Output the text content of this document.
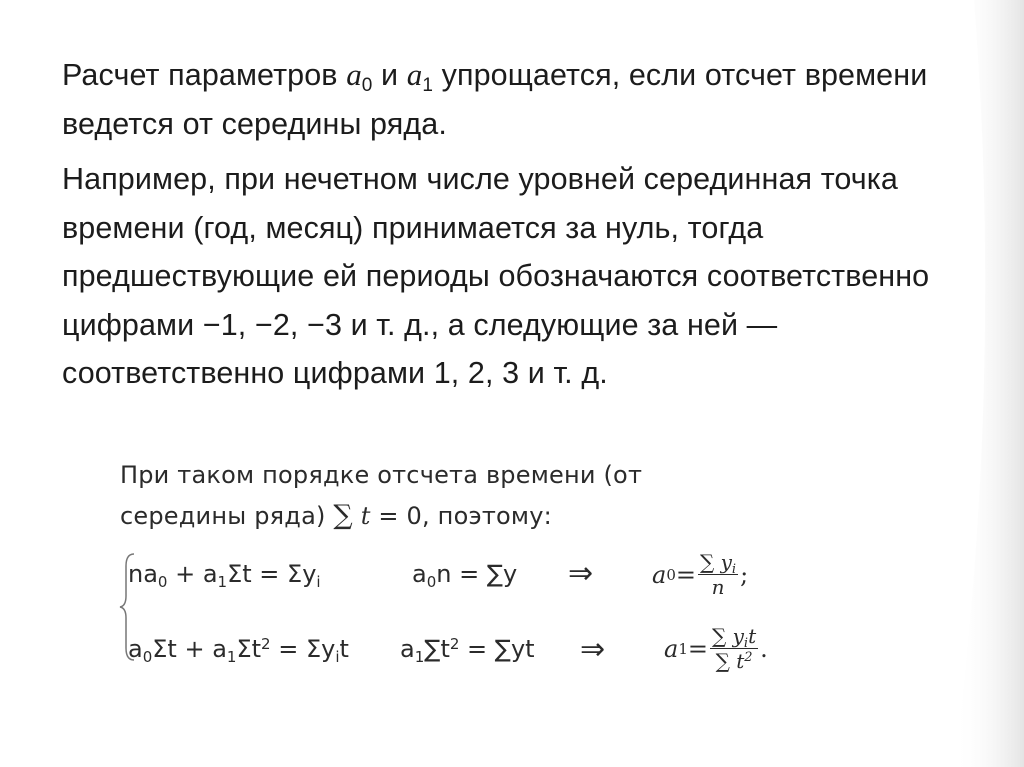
Расчет параметров $a_0$ и $a_1$ упрощается, если отсчет времени ведется от середины ряда.
Например, при нечетном числе уровней серединная точка времени (год, месяц) принимается за нуль, тогда предшествующие ей периоды обозначаются соответственно цифрами −1, −2, −3 и т. д., а следующие за ней — соответственно цифрами 1, 2, 3 и т. д.
При таком порядке отсчета времени (от
середины ряда) ∑ t = 0, поэтому:
$na_0 + a_1\Sigma t = \Sigma y_i$
$a_0\Sigma t + a_1\Sigma t^2 = \Sigma y_it$
$a_0n = \sum y$
$a_1\sum t^2 = \sum yt$
⇒
⇒
a $0 = \frac{\sum y_i}{n}$ ;
a $1 = \frac{\sum y_it}{\sum t^2}$ .
